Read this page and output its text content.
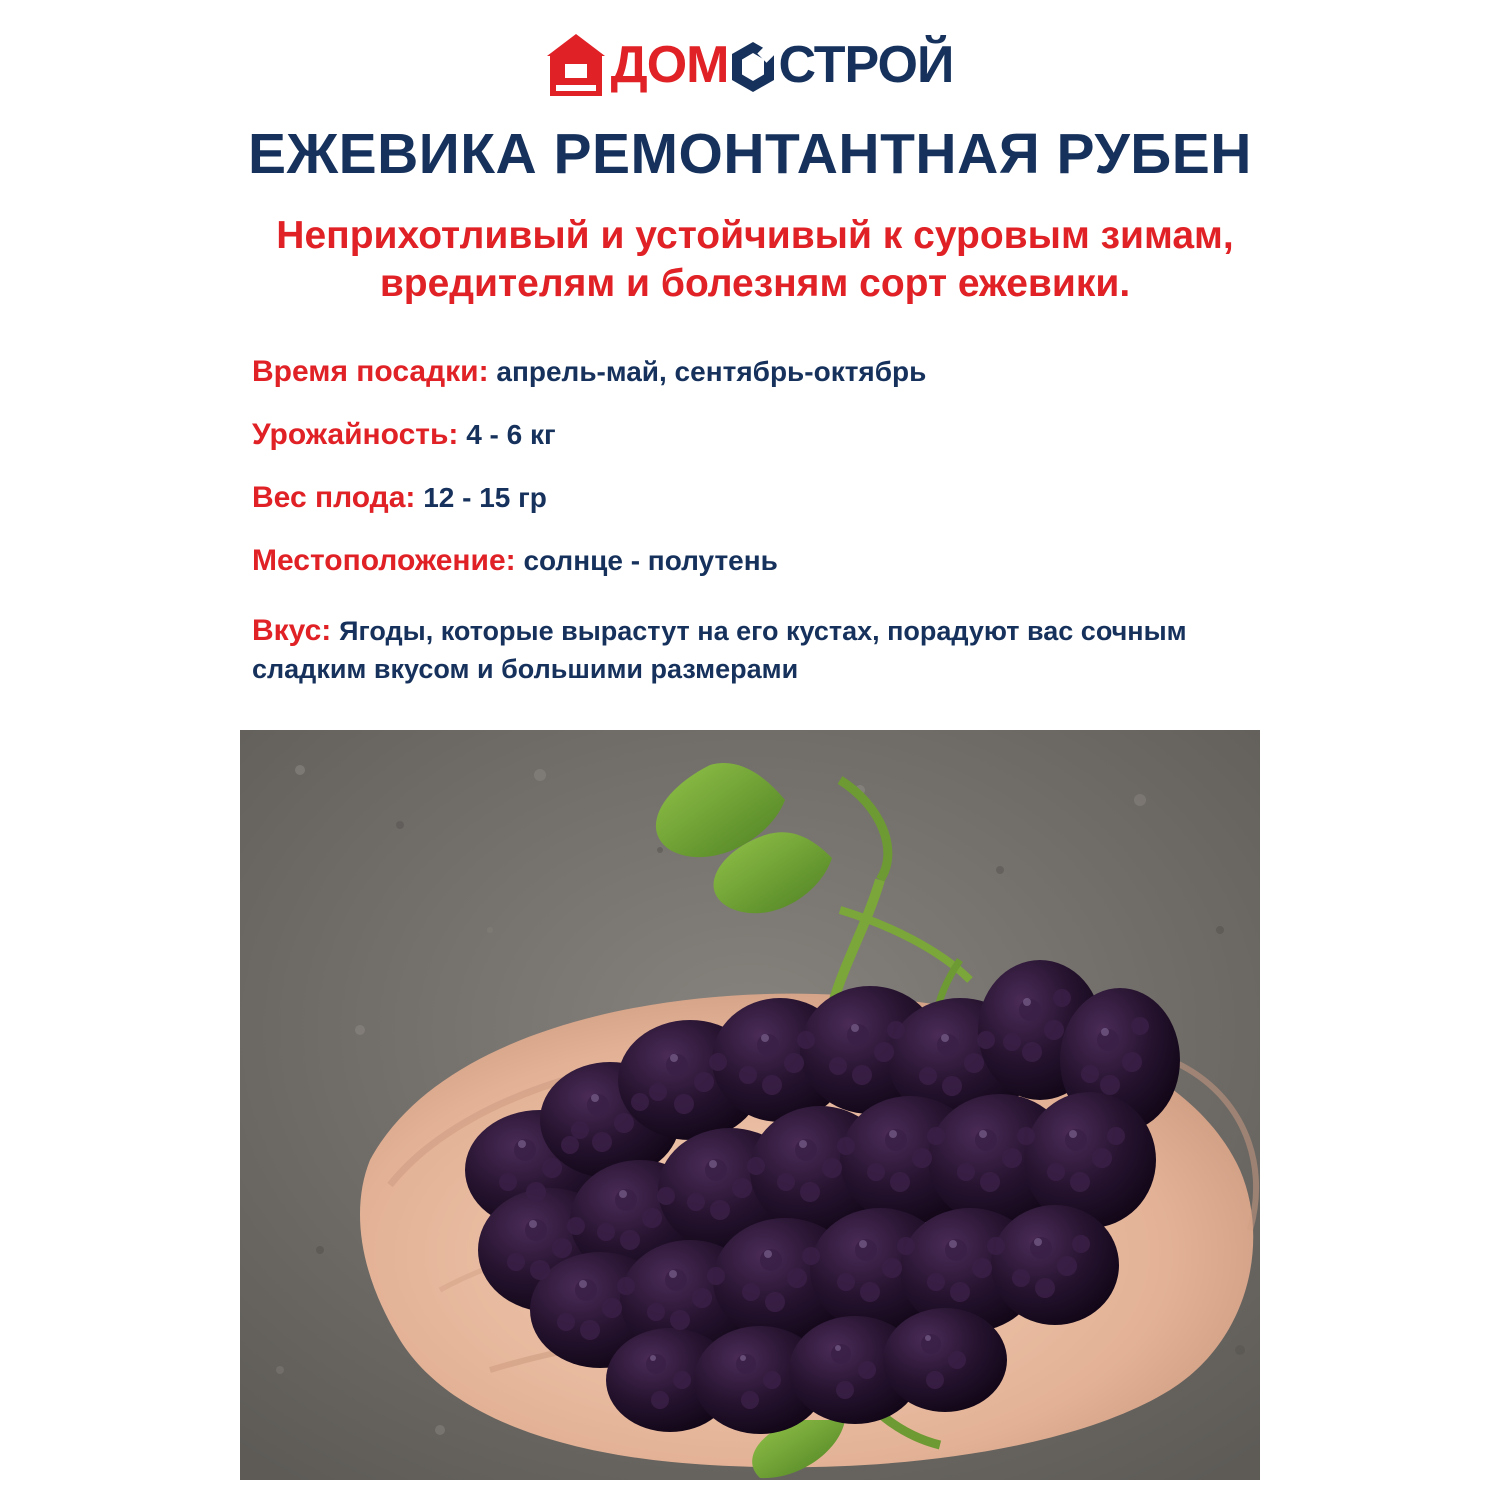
ДОМ СТРОЙ
ЕЖЕВИКА РЕМОНТАНТНАЯ РУБЕН
Неприхотливый и устойчивый к суровым зимам, вредителям и болезням сорт ежевики.
Время посадки: апрель-май, сентябрь-октябрь
Урожайность: 4 - 6 кг
Вес плода: 12 - 15 гр
Местоположение: солнце - полутень
Вкус: Ягоды, которые вырастут на его кустах, порадуют вас сочным сладким вкусом и большими размерами
